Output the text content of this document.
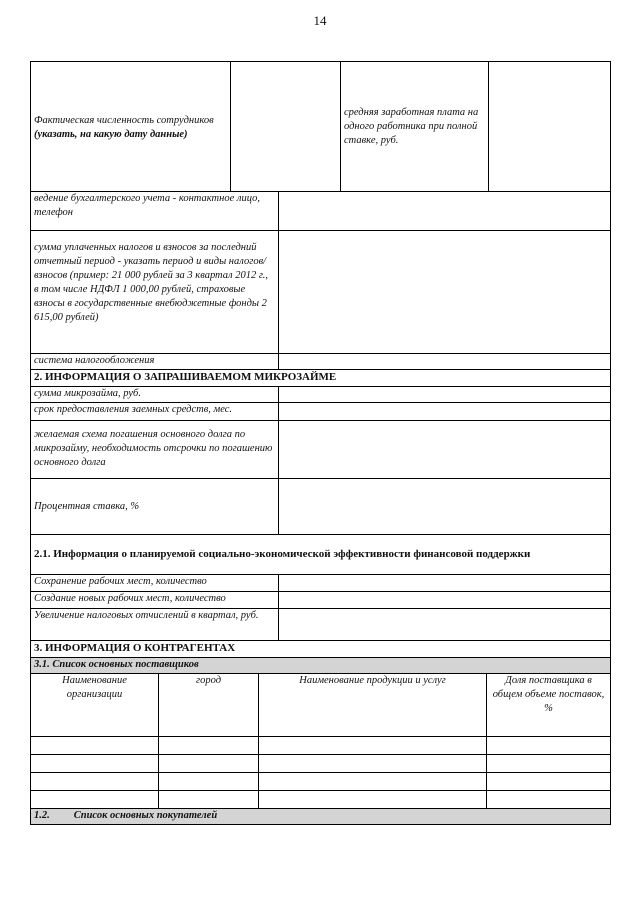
14
Фактическая численность сотрудников (указать, на какую дату данные)		средняя заработная плата на одного работника при полной ставке, руб.	
ведение бухгалтерского учета - контактное лицо, телефон	
сумма уплаченных налогов и взносов за последний отчетный период - указать период и виды налогов/взносов (пример: 21 000 рублей за 3 квартал 2012 г., в том числе НДФЛ 1 000,00 рублей, страховые взносы в государственные внебюджетные фонды 2 615,00 рублей)	
система налогообложения	
2. ИНФОРМАЦИЯ О ЗАПРАШИВАЕМОМ МИКРОЗАЙМЕ	
сумма микрозайма, руб.	
срок предоставления заемных средств, мес.	
желаемая схема погашения основного долга по микрозайму, необходимость отсрочки по погашению основного долга	
Процентная ставка, %	
2.1. Информация о планируемой социально-экономической эффективности финансовой поддержки	
Сохранение рабочих мест, количество	
Создание новых рабочих мест, количество	
Увеличение налоговых отчислений в квартал, руб.	
3. ИНФОРМАЦИЯ О КОНТРАГЕНТАХ			
3.1. Список основных поставщиков			
Наименование организации	город	Наименование продукции и услуг	Доля поставщика в общем объеме поставок, %

1.2. Список основных покупателей			
